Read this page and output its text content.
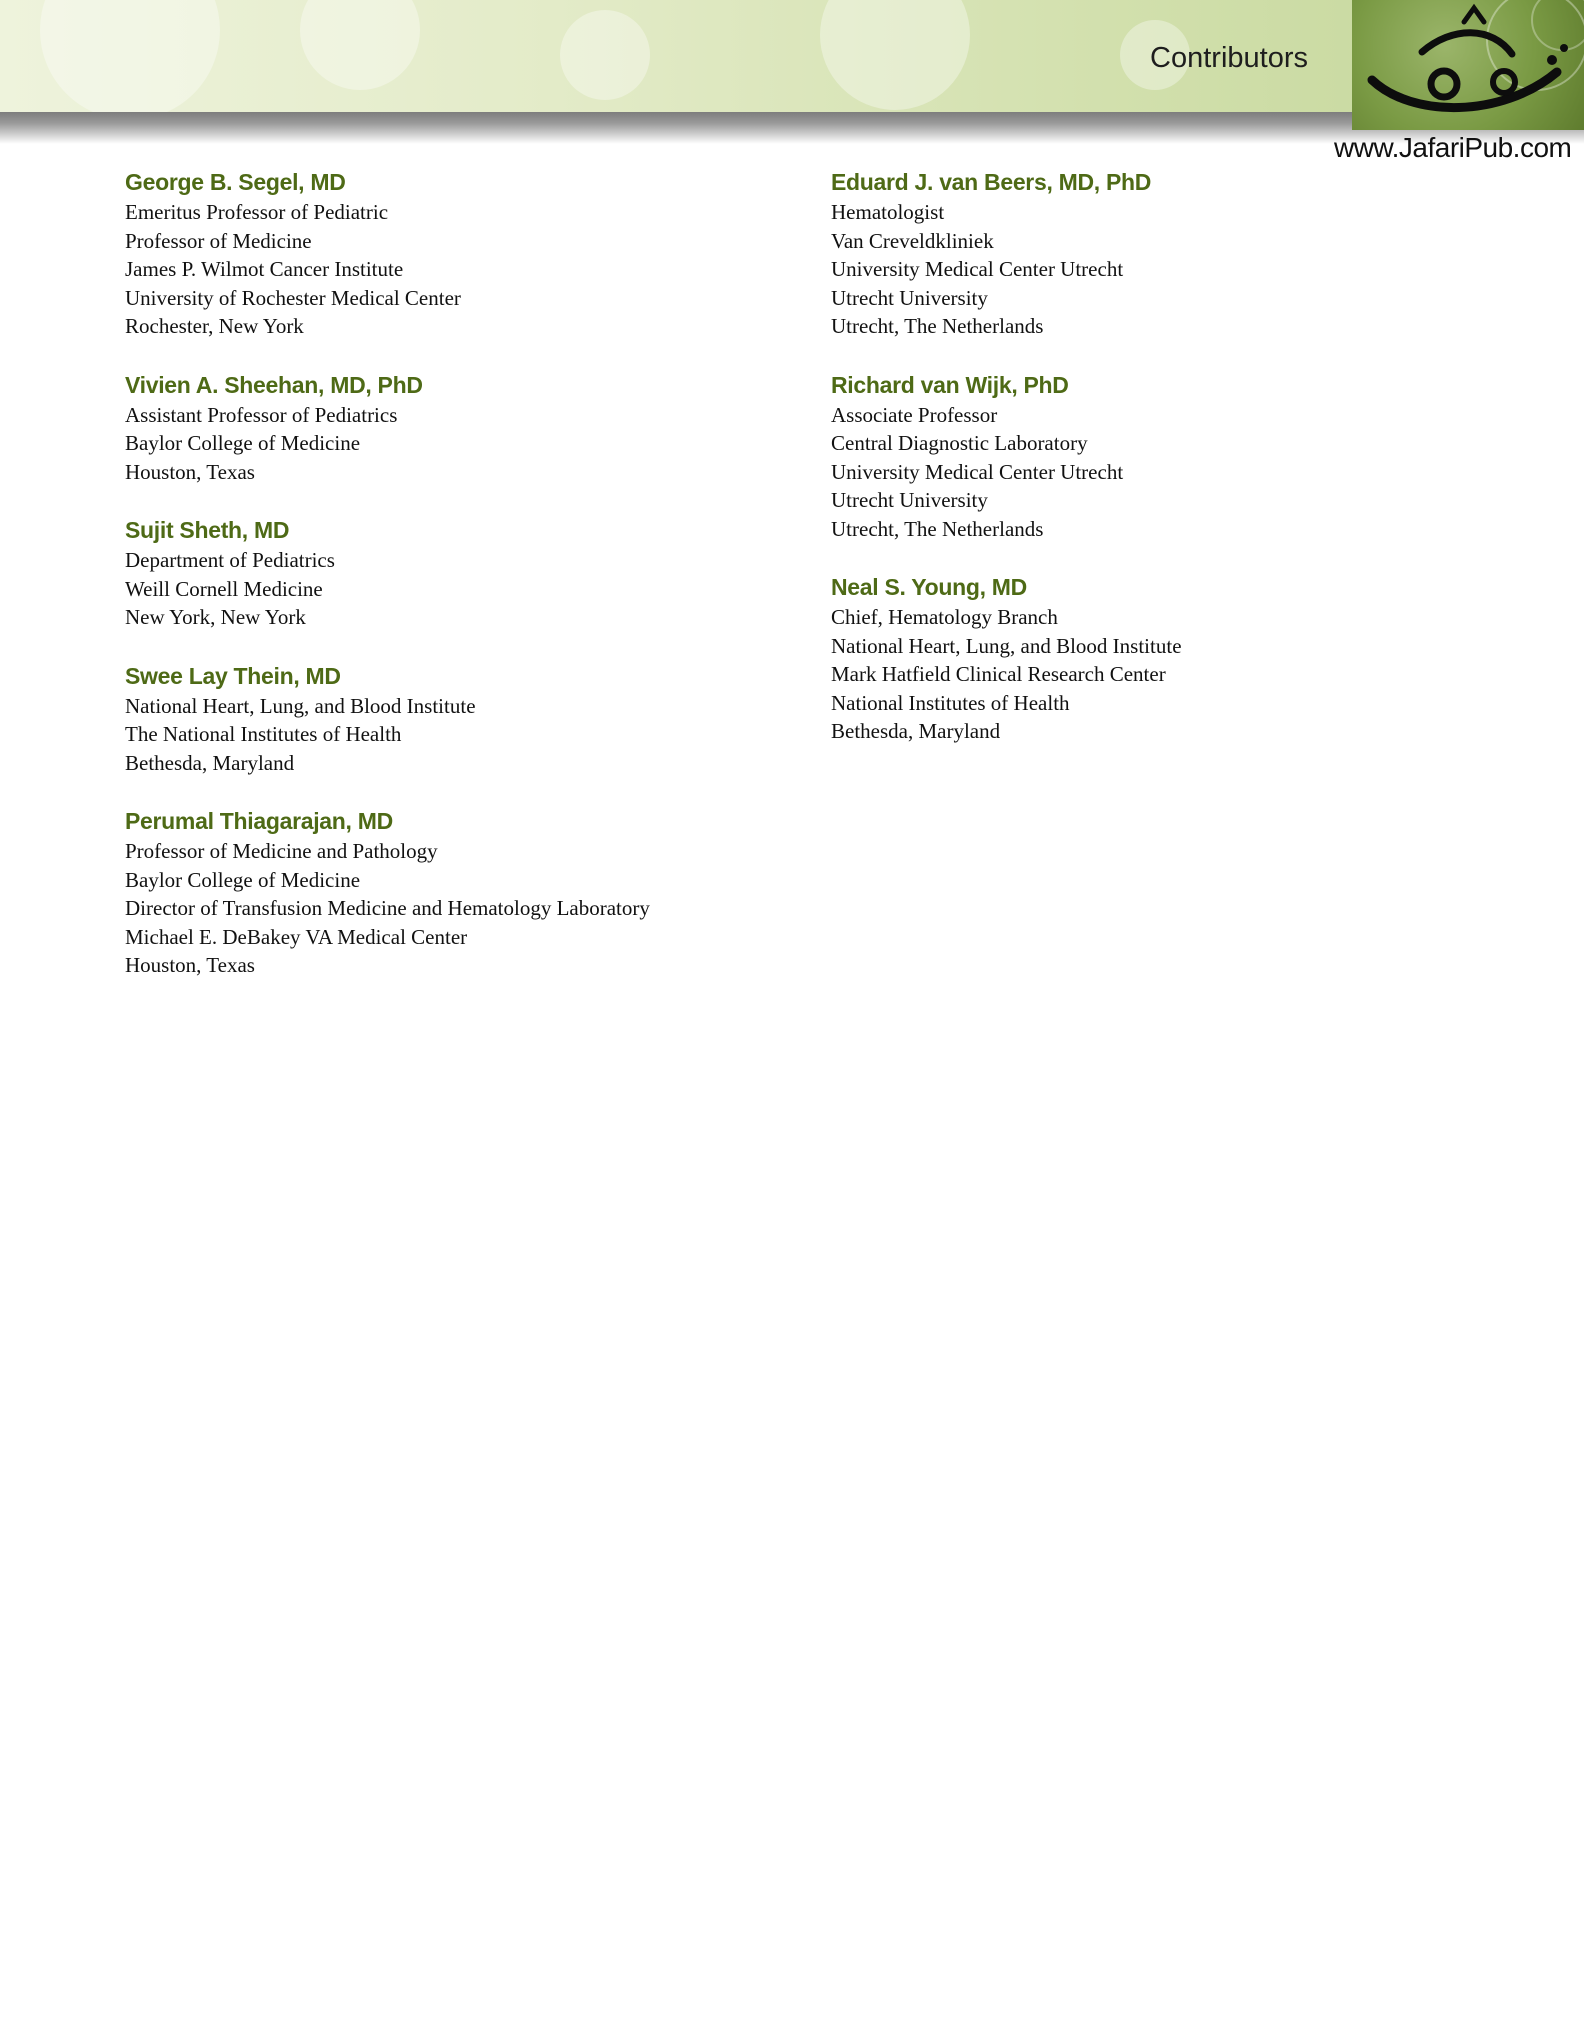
Contributors
www.JafariPub.com
George B. Segel, MD
Emeritus Professor of Pediatric
Professor of Medicine
James P. Wilmot Cancer Institute
University of Rochester Medical Center
Rochester, New York
Vivien A. Sheehan, MD, PhD
Assistant Professor of Pediatrics
Baylor College of Medicine
Houston, Texas
Sujit Sheth, MD
Department of Pediatrics
Weill Cornell Medicine
New York, New York
Swee Lay Thein, MD
National Heart, Lung, and Blood Institute
The National Institutes of Health
Bethesda, Maryland
Perumal Thiagarajan, MD
Professor of Medicine and Pathology
Baylor College of Medicine
Director of Transfusion Medicine and Hematology Laboratory
Michael E. DeBakey VA Medical Center
Houston, Texas
Eduard J. van Beers, MD, PhD
Hematologist
Van Creveldkliniek
University Medical Center Utrecht
Utrecht University
Utrecht, The Netherlands
Richard van Wijk, PhD
Associate Professor
Central Diagnostic Laboratory
University Medical Center Utrecht
Utrecht University
Utrecht, The Netherlands
Neal S. Young, MD
Chief, Hematology Branch
National Heart, Lung, and Blood Institute
Mark Hatfield Clinical Research Center
National Institutes of Health
Bethesda, Maryland
